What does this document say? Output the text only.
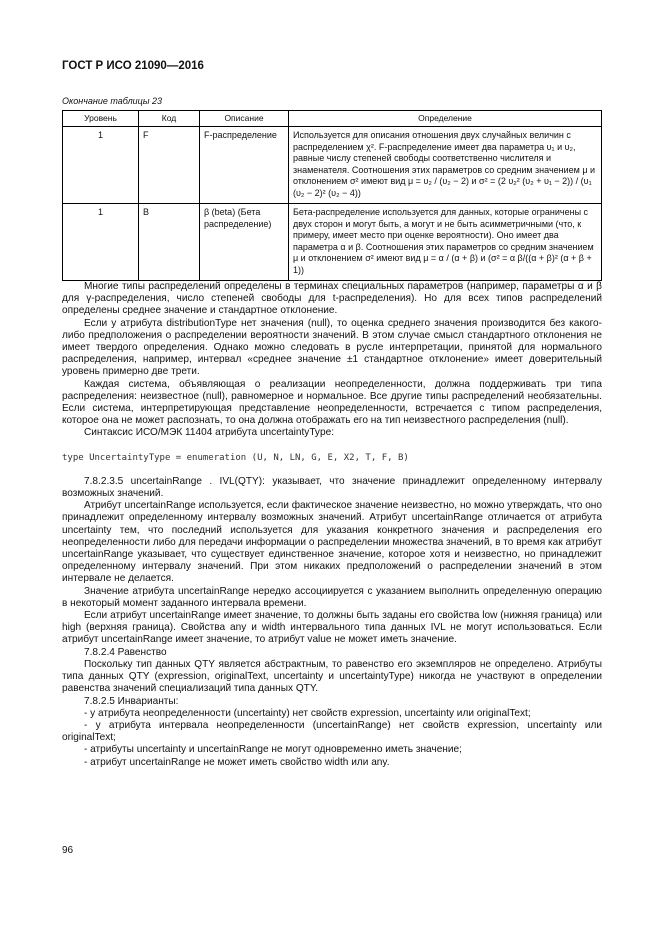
ГОСТ Р ИСО 21090—2016
Окончание таблицы 23
Уровень	Код	Описание	Определение
1	F	F-распределение	Используется для описания отношения двух случайных величин с распределением χ². F-распределение имеет два параметра υ₁ и υ₂, равные числу степеней свободы соответственно числителя и знаменателя. Соотношения этих параметров со средним значением μ и отклонением σ² имеют вид μ = υ₂ / (υ₂ − 2) и σ² = (2 υ₂² (υ₂ + υ₁ − 2)) / (υ₁ (υ₂ − 2)² (υ₂ − 4))
1	B	β (beta) (Бета распределение)	Бета-распределение используется для данных, которые ограничены с двух сторон и могут быть, а могут и не быть асимметричными (что, к примеру, имеет место при оценке вероятности). Оно имеет два параметра α и β. Соотношения этих параметров со средним значением μ и отклонением σ² имеют вид μ = α / (α + β) и (σ² = α β/((α + β)² (α + β + 1))

Многие типы распределений определены в терминах специальных параметров (например, параметры α и β для γ-распределения, число степеней свободы для t-распределения). Но для всех типов распределений определены среднее значение и стандартное отклонение.

Если у атрибута distributionType нет значения (null), то оценка среднего значения производится без какого-либо предположения о распределении вероятности значений. В этом случае смысл стандартного отклонения не имеет твердого определения. Однако можно следовать в русле интерпретации, принятой для нормального распределения, например, интервал «среднее значение ±1 стандартное отклонение» имеет доверительный уровень примерно две трети.

Каждая система, объявляющая о реализации неопределенности, должна поддерживать три типа распределения: неизвестное (null), равномерное и нормальное. Все другие типы распределений необязательны. Если система, интерпретирующая представление неопределенности, встречается с типом распределения, которое она не может распознать, то она должна отображать его на тип неизвестного распределения (null).

Синтаксис ИСО/МЭК 11404 атрибута uncertaintyType:

type UncertaintyType = enumeration (U, N, LN, G, E, X2, T, F, B)

7.8.2.3.5 uncertainRange . IVL(QTY): указывает, что значение принадлежит определенному интервалу возможных значений.

Атрибут uncertainRange используется, если фактическое значение неизвестно, но можно утверждать, что оно принадлежит определенному интервалу возможных значений. Атрибут uncertainRange отличается от атрибута uncertainty тем, что последний используется для указания конкретного значения и распределения его неопределенности либо для передачи информации о распределении множества значений, в то время как атрибут uncertainRange указывает, что существует единственное значение, которое хотя и неизвестно, но принадлежит определенному интервалу значений. При этом никаких предположений о распределении значений в этом интервале не делается.

Значение атрибута uncertainRange нередко ассоциируется с указанием выполнить определенную операцию в некоторый момент заданного интервала времени.

Если атрибут uncertainRange имеет значение, то должны быть заданы его свойства low (нижняя граница) или high (верхняя граница). Свойства any и width интервального типа данных IVL не могут использоваться. Если атрибут uncertainRange имеет значение, то атрибут value не может иметь значение.

7.8.2.4 Равенство

Поскольку тип данных QTY является абстрактным, то равенство его экземпляров не определено. Атрибуты типа данных QTY (expression, originalText, uncertainty и uncertaintyType) никогда не участвуют в определении равенства значений специализаций типа данных QTY.

7.8.2.5 Инварианты:

- у атрибута неопределенности (uncertainty) нет свойств expression, uncertainty или originalText;

- у атрибута интервала неопределенности (uncertainRange) нет свойств expression, uncertainty или originalText;

- атрибуты uncertainty и uncertainRange не могут одновременно иметь значение;

- атрибут uncertainRange не может иметь свойство width или any.

96
